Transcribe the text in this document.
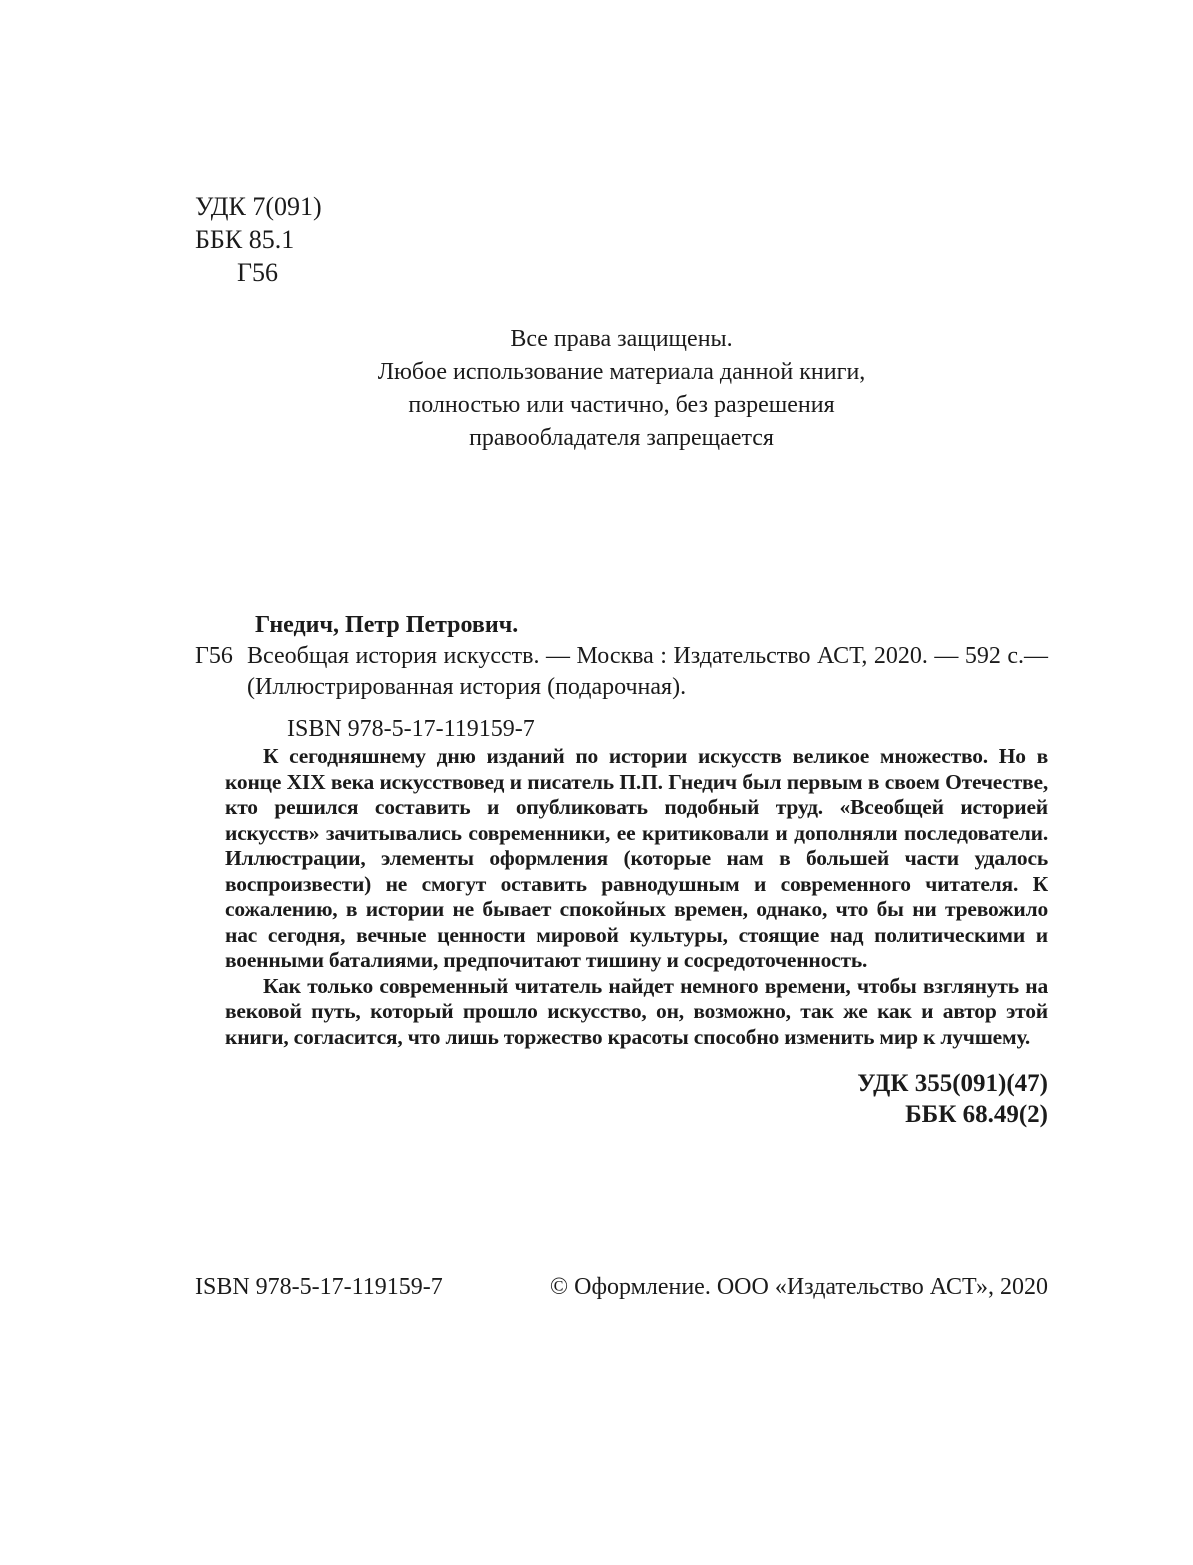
УДК 7(091)
ББК 85.1
Г56
Все права защищены.
Любое использование материала данной книги,
полностью или частично, без разрешения
правообладателя запрещается
Гнедич, Петр Петрович.
Г56 Всеобщая история искусств. — Москва : Издательство АСТ, 2020. — 592 с.— (Иллюстрированная история (подарочная).
ISBN 978-5-17-119159-7

К сегодняшнему дню изданий по истории искусств великое множество. Но в конце XIX века искусствовед и писатель П.П. Гнедич был первым в своем Отечестве, кто решился составить и опубликовать подобный труд. «Всеобщей историей искусств» зачитывались современники, ее критиковали и дополняли последователи. Иллюстрации, элементы оформления (которые нам в большей части удалось воспроизвести) не смогут оставить равнодушным и современного читателя. К сожалению, в истории не бывает спокойных времен, однако, что бы ни тревожило нас сегодня, вечные ценности мировой культуры, стоящие над политическими и военными баталиями, предпочитают тишину и сосредоточенность.

Как только современный читатель найдет немного времени, чтобы взглянуть на вековой путь, который прошло искусство, он, возможно, так же как и автор этой книги, согласится, что лишь торжество красоты способно изменить мир к лучшему.

УДК 355(091)(47)
ББК 68.49(2)
ISBN 978-5-17-119159-7	© Оформление. ООО «Издательство АСТ», 2020
